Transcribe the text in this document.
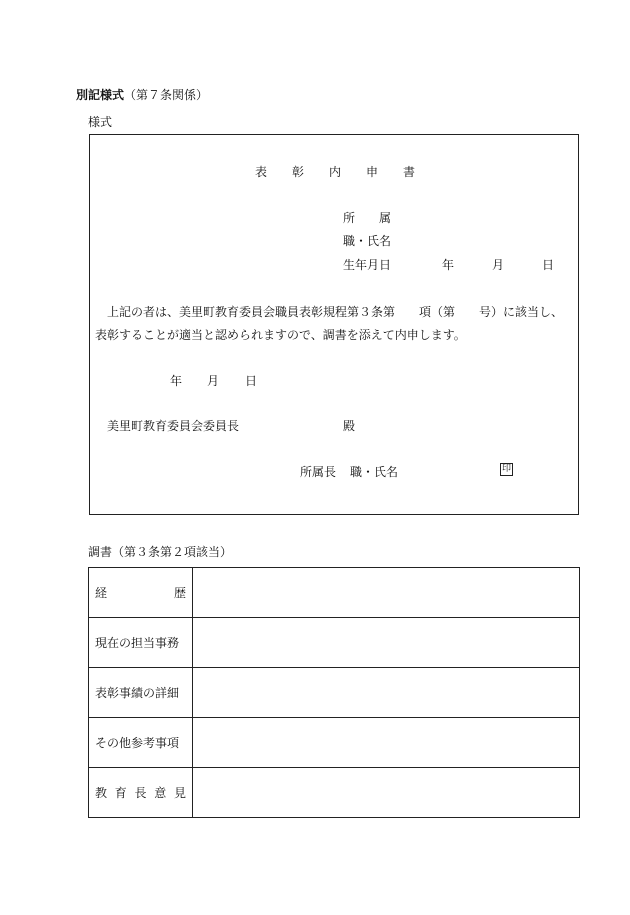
別記様式（第７条関係）
様式
表 彰 内 申 書
所　　属
職・氏名
生年月日	年	月	日
上記の者は、美里町教育委員会職員表彰規程第３条第　　項（第　　号）に該当し、
表彰することが適当と認められますので、調書を添えて内申します。
年 月 日
美里町教育委員会委員長	殿
所属長 職・氏名	印
調書（第３条第２項該当）
経 歴	

現在の担当事務	
表彰事績の詳細	
その他参考事項	

教 育 長 意 見	
